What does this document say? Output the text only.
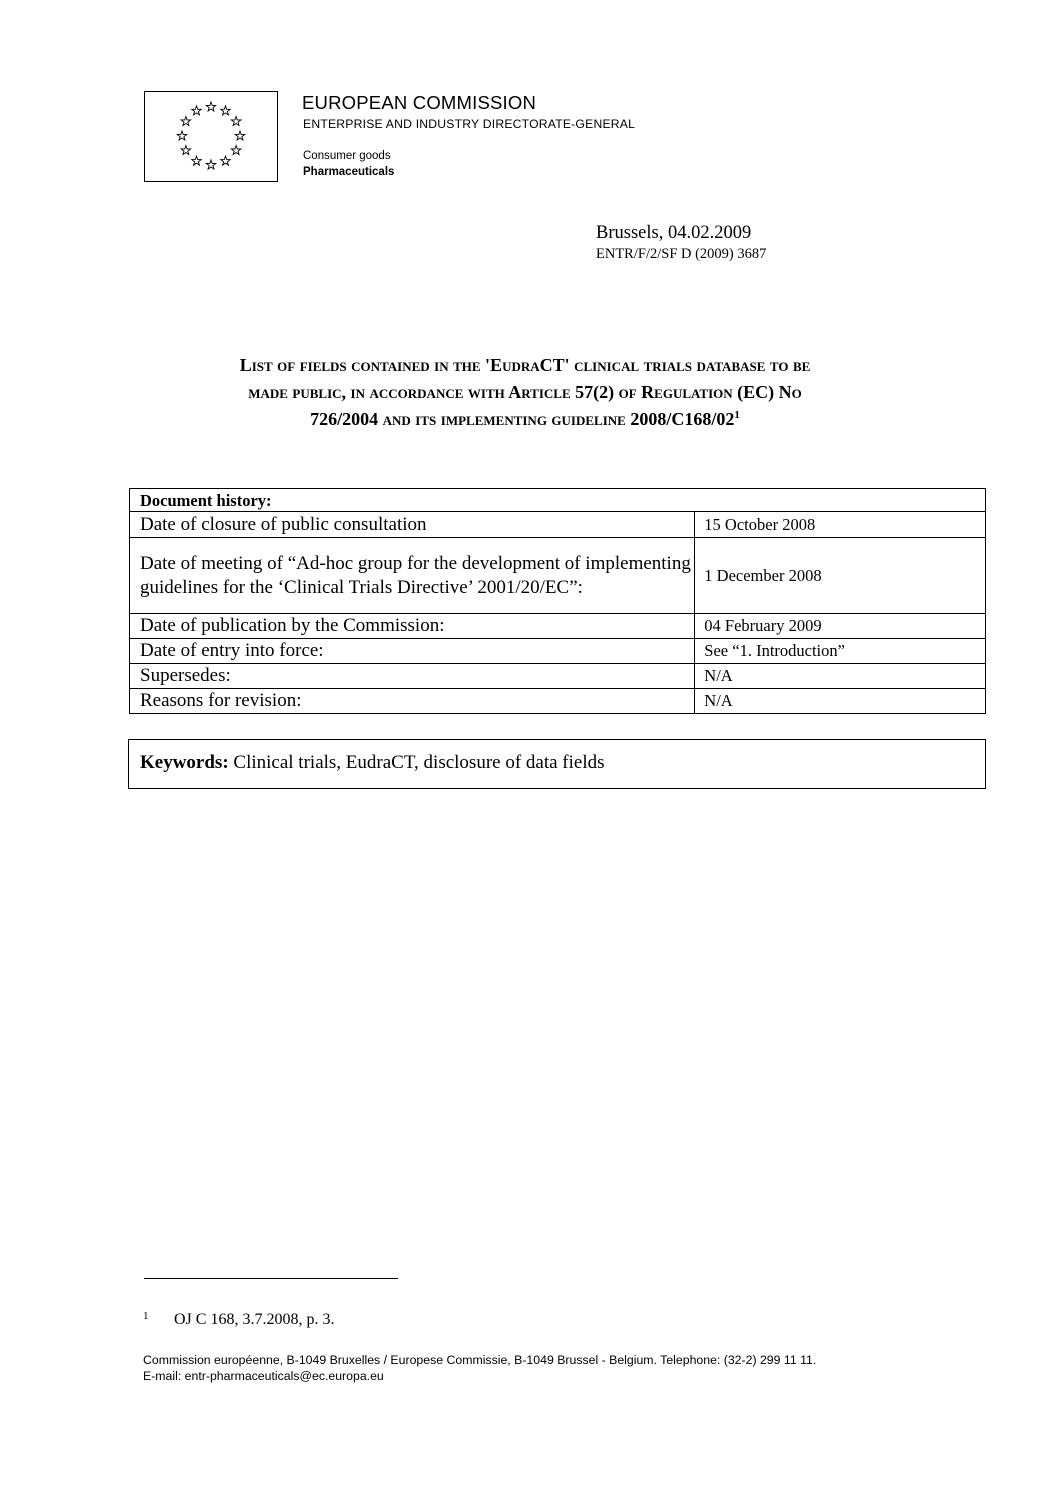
EUROPEAN COMMISSION
ENTERPRISE AND INDUSTRY DIRECTORATE-GENERAL
Consumer goods
Pharmaceuticals
Brussels, 04.02.2009
ENTR/F/2/SF D (2009) 3687
List of fields contained in the 'EudraCT' clinical trials database to be
made public, in accordance with Article 57(2) of Regulation (EC) No
726/2004 and its implementing guideline $2008/C168/02^1$
Document history:	
Date of closure of public consultation	15 October 2008
Date of meeting of “Ad-hoc group for the development of implementing guidelines for the ‘Clinical Trials Directive’ 2001/20/EC”:	1 December 2008
Date of publication by the Commission:	04 February 2009
Date of entry into force:	See “1. Introduction”
Supersedes:	N/A
Reasons for revision:	N/A
Keywords: Clinical trials, EudraCT, disclosure of data fields
1 OJ C 168, 3.7.2008, p. 3.
Commission européenne, B-1049 Bruxelles / Europese Commissie, B-1049 Brussel - Belgium. Telephone: (32-2) 299 11 11.
E-mail: entr-pharmaceuticals@ec.europa.eu
